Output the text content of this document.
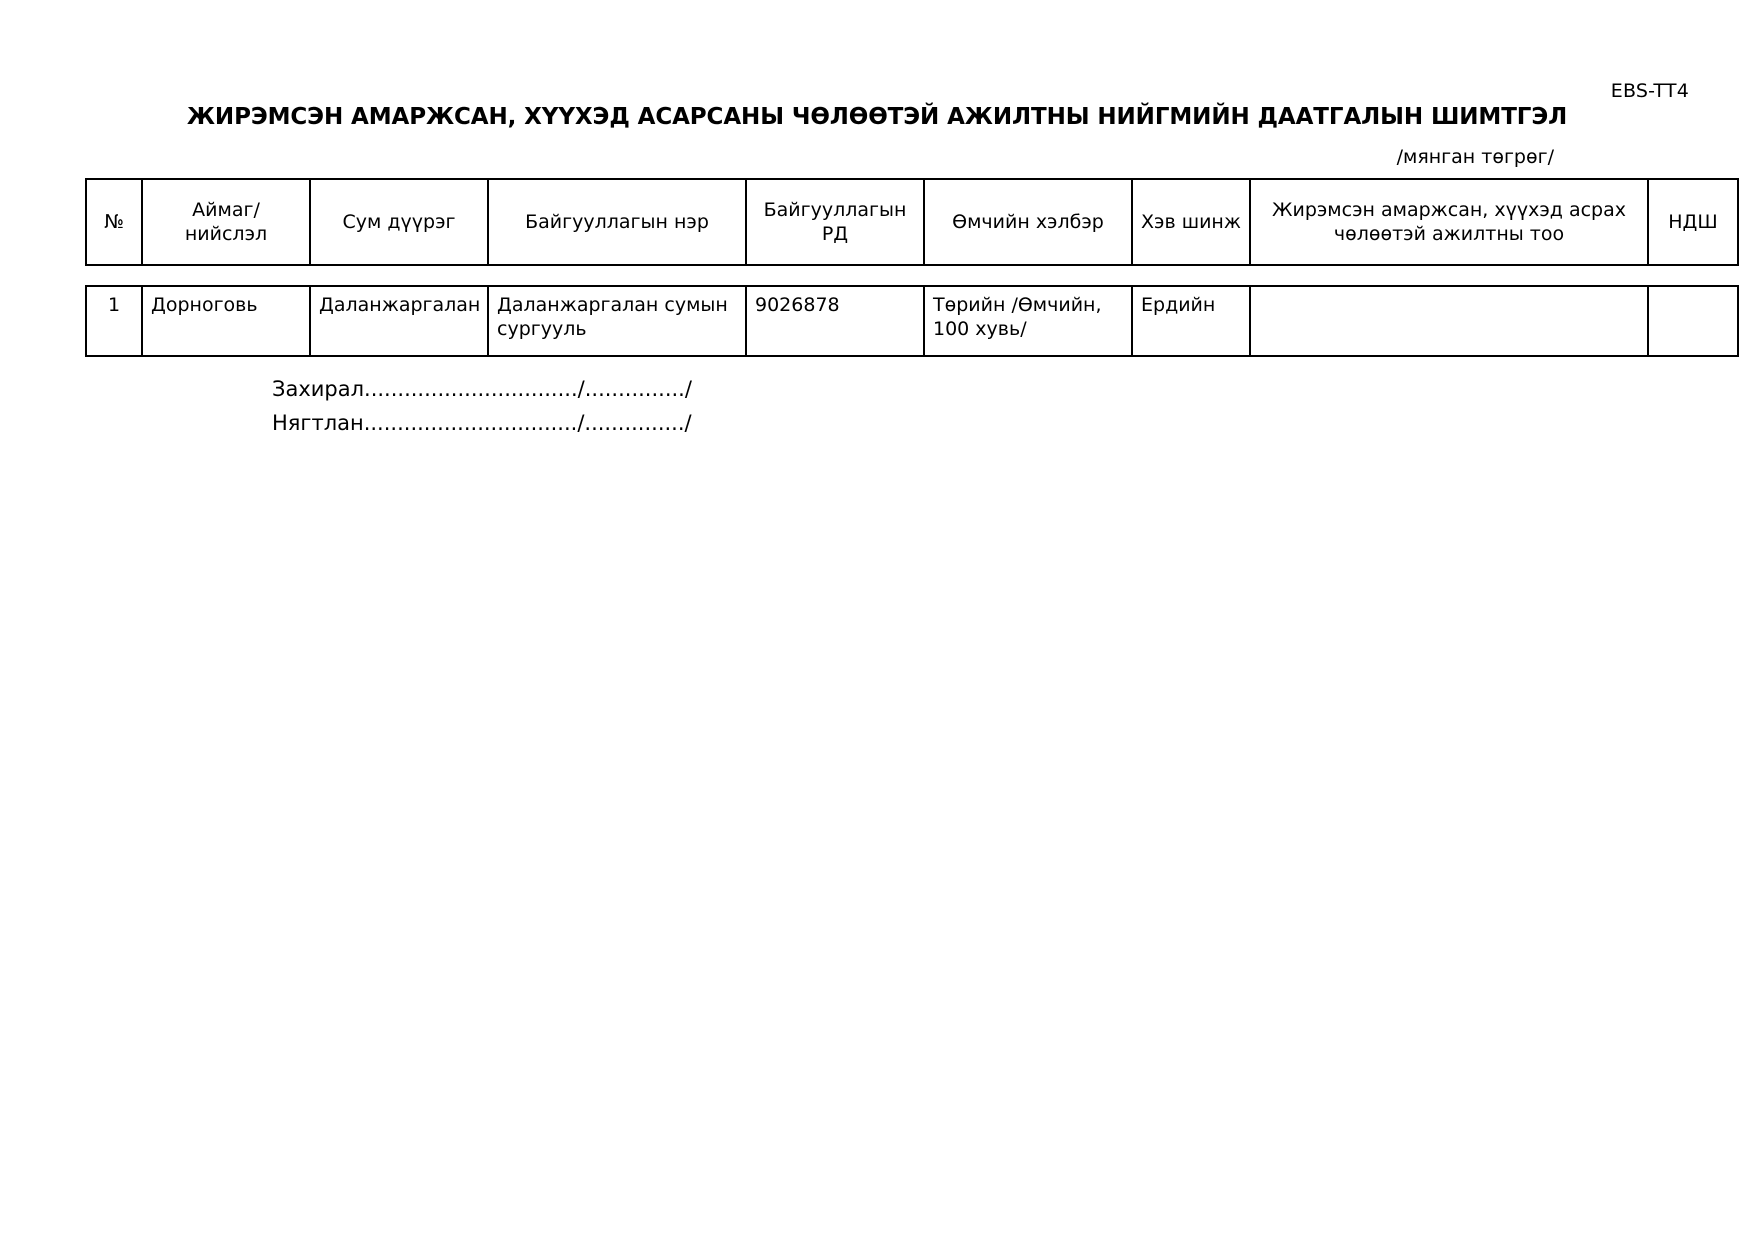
EBS-TT4
ЖИРЭМСЭН АМАРЖСАН, ХҮҮХЭД АСАРСАНЫ ЧӨЛӨӨТЭЙ АЖИЛТНЫ НИЙГМИЙН ДААТГАЛЫН ШИМТГЭЛ
/мянган төгрөг/
№	Аймаг/ нийслэл	Сум дүүрэг	Байгууллагын нэр	Байгууллагын РД	Өмчийн хэлбэр	Хэв шинж	Жирэмсэн амаржсан, хүүхэд асрах чөлөөтэй ажилтны тоо	НДШ
1	Дорноговь	Даланжаргалан	Даланжаргалан сумын сургууль	9026878	Төрийн /Өмчийн, 100 хувь/	Ердийн		
Захирал................................/.............../
Нягтлан................................/.............../
